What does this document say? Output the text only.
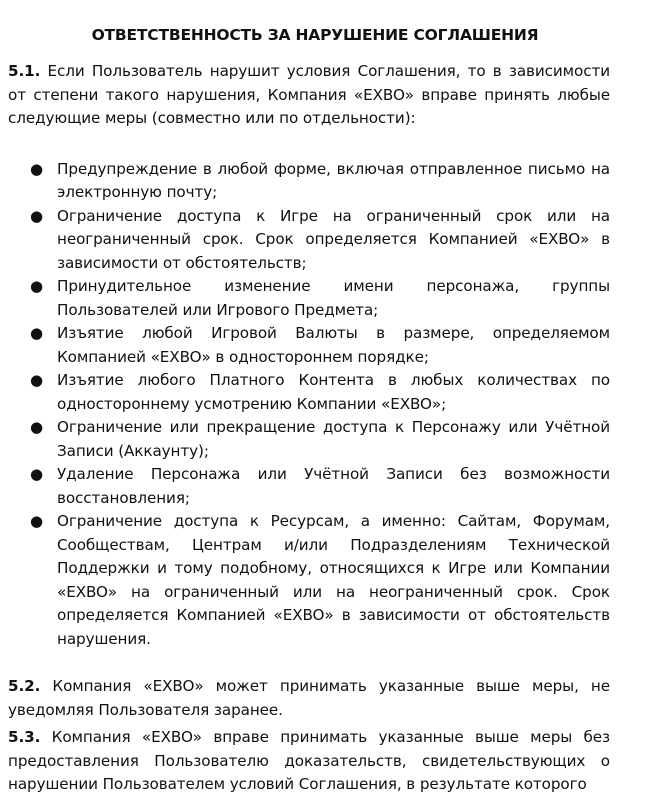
ОТВЕТСТВЕННОСТЬ ЗА НАРУШЕНИЕ СОГЛАШЕНИЯ

5.1. Если Пользователь нарушит условия Соглашения, то в зависимости от степени такого нарушения, Компания «EXBO» вправе принять любые следующие меры (совместно или по отдельности):

● Предупреждение в любой форме, включая отправленное письмо на электронную почту;
● Ограничение доступа к Игре на ограниченный срок или на неограниченный срок. Срок определяется Компанией «EXBO» в зависимости от обстоятельств;
● Принудительное изменение имени персонажа, группы Пользователей или Игрового Предмета;
● Изъятие любой Игровой Валюты в размере, определяемом Компанией «EXBO» в одностороннем порядке;
● Изъятие любого Платного Контента в любых количествах по одностороннему усмотрению Компании «EXBO»;
● Ограничение или прекращение доступа к Персонажу или Учётной Записи (Аккаунту);
● Удаление Персонажа или Учётной Записи без возможности восстановления;
● Ограничение доступа к Ресурсам, а именно: Сайтам, Форумам, Сообществам, Центрам и/или Подразделениям Технической Поддержки и тому подобному, относящихся к Игре или Компании «EXBO» на ограниченный или на неограниченный срок. Срок определяется Компанией «EXBO» в зависимости от обстоятельств нарушения.

5.2. Компания «EXBO» может принимать указанные выше меры, не уведомляя Пользователя заранее.

5.3. Компания «EXBO» вправе принимать указанные выше меры без предоставления Пользователю доказательств, свидетельствующих о нарушении Пользователем условий Соглашения, в результате которого
